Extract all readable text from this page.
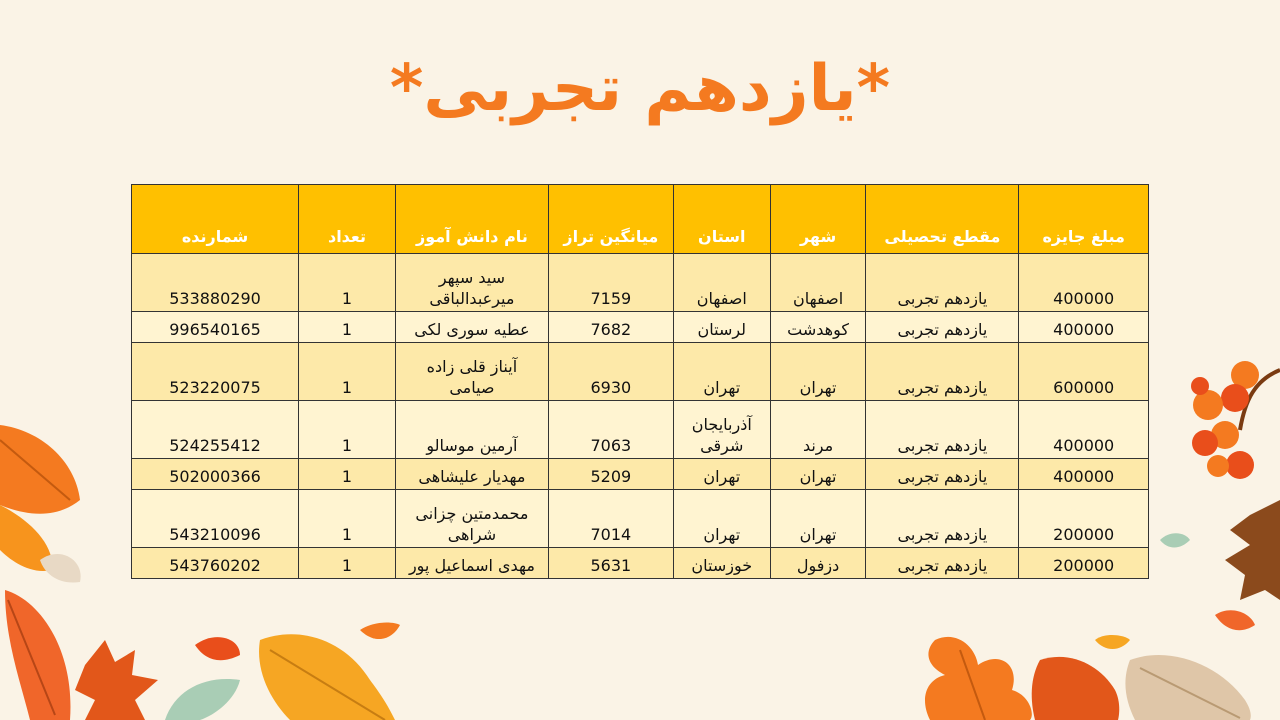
*یازدهم تجربی*
مبلغ جایزه	مقطع تحصیلی	شهر	استان	میانگین تراز	نام دانش آموز	تعداد	شمارنده
400000	یازدهم تجربی	اصفهان	اصفهان	7159	سید سپهر میرعبدالباقی	1	533880290
400000	یازدهم تجربی	کوهدشت	لرستان	7682	عطیه سوری لکی	1	996540165
600000	یازدهم تجربی	تهران	تهران	6930	آیناز قلی زاده صیامی	1	523220075
400000	یازدهم تجربی	مرند	آذربایجان شرقی	7063	آرمین موسالو	1	524255412
400000	یازدهم تجربی	تهران	تهران	5209	مهدیار علیشاهی	1	502000366
200000	یازدهم تجربی	تهران	تهران	7014	محمدمتین چزانی شراهی	1	543210096
200000	یازدهم تجربی	دزفول	خوزستان	5631	مهدی اسماعیل پور	1	543760202
